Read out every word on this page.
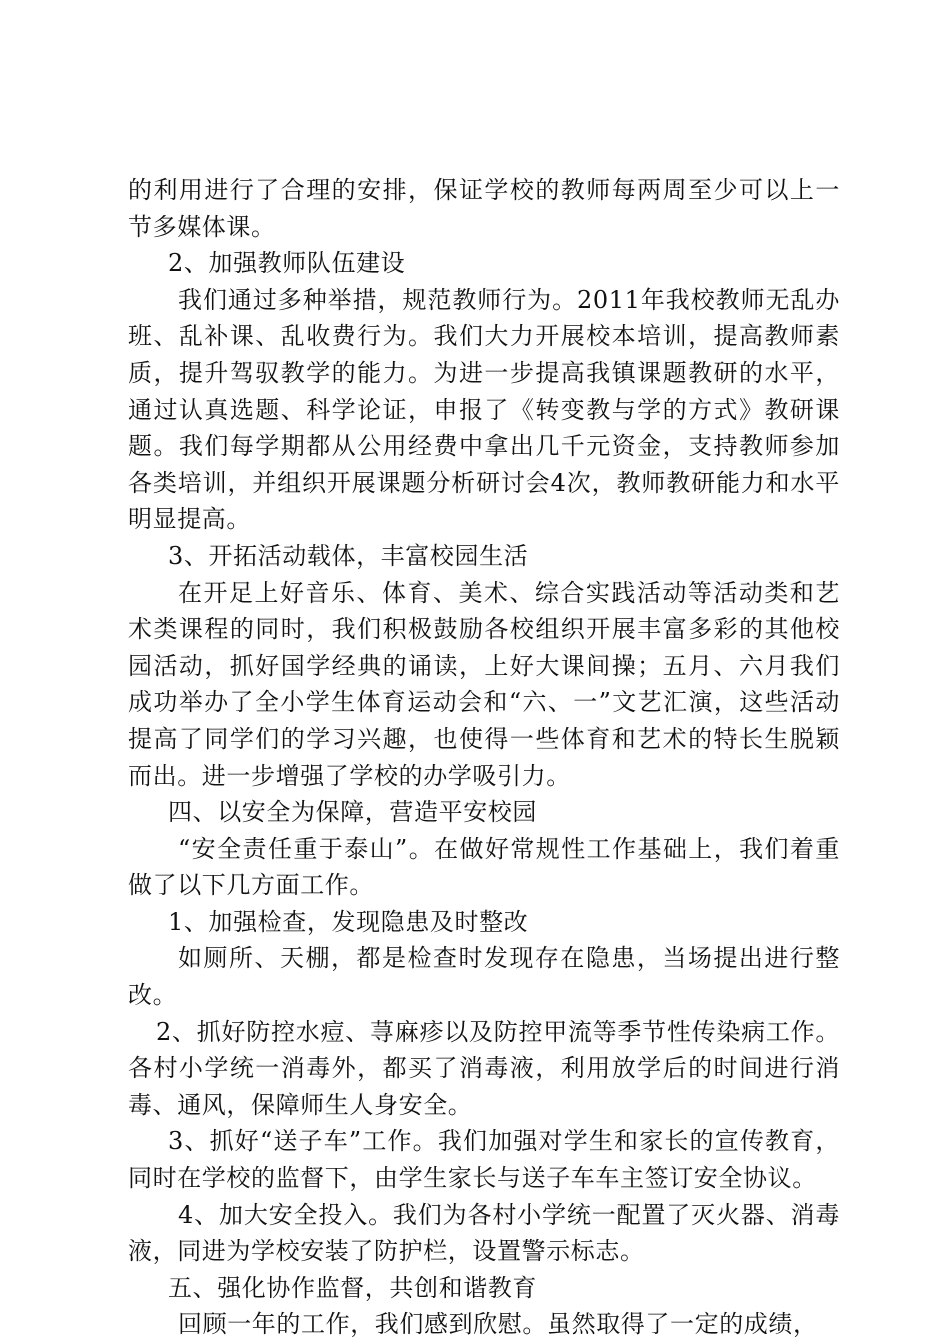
的利用进行了合理的安排，保证学校的教师每两周至少可以上一节多媒体课。

2、加强教师队伍建设

我们通过多种举措，规范教师行为。2011年我校教师无乱办班、乱补课、乱收费行为。我们大力开展校本培训，提高教师素质，提升驾驭教学的能力。为进一步提高我镇课题教研的水平，通过认真选题、科学论证，申报了《转变教与学的方式》教研课题。我们每学期都从公用经费中拿出几千元资金，支持教师参加各类培训，并组织开展课题分析研讨会4次，教师教研能力和水平明显提高。

3、开拓活动载体，丰富校园生活

在开足上好音乐、体育、美术、综合实践活动等活动类和艺术类课程的同时，我们积极鼓励各校组织开展丰富多彩的其他校园活动，抓好国学经典的诵读，上好大课间操；五月、六月我们成功举办了全小学生体育运动会和“六、一”文艺汇演，这些活动提高了同学们的学习兴趣，也使得一些体育和艺术的特长生脱颖而出。进一步增强了学校的办学吸引力。

四、以安全为保障，营造平安校园

“安全责任重于泰山”。在做好常规性工作基础上，我们着重做了以下几方面工作。

1、加强检查，发现隐患及时整改

如厕所、天棚，都是检查时发现存在隐患，当场提出进行整改。

2、抓好防控水痘、荨麻疹以及防控甲流等季节性传染病工作。各村小学统一消毒外，都买了消毒液，利用放学后的时间进行消毒、通风，保障师生人身安全。

3、抓好“送子车”工作。我们加强对学生和家长的宣传教育，同时在学校的监督下，由学生家长与送子车车主签订安全协议。

4、加大安全投入。我们为各村小学统一配置了灭火器、消毒液，同进为学校安装了防护栏，设置警示标志。

五、强化协作监督，共创和谐教育

回顾一年的工作，我们感到欣慰。虽然取得了一定的成绩，
